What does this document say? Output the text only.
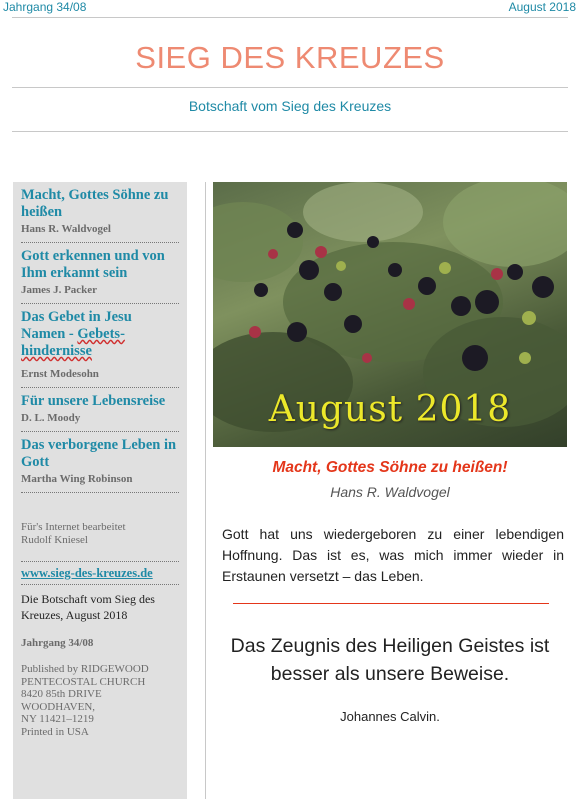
Jahrgang 34/08	August 2018
SIEG DES KREUZES
Botschaft vom Sieg des Kreuzes
Macht, Gottes Söhne zu heißen
Hans R. Waldvogel
Gott erkennen und von Ihm erkannt sein
James J. Packer
Das Gebet in Jesu Namen - Gebets-hindernisse
Ernst Modesohn
Für unsere Lebensreise
D. L. Moody
Das verborgene Leben in Gott
Martha Wing Robinson
Für's Internet bearbeitet
Rudolf Kniesel
www.sieg-des-kreuzes.de
Die Botschaft vom Sieg des Kreuzes, August 2018
Jahrgang 34/08
Published by RIDGEWOOD
PENTECOSTAL CHURCH
8420 85th DRIVE
WOODHAVEN,
NY 11421–1219
Printed in USA
August 2018
Macht, Gottes Söhne zu heißen!
Hans R. Waldvogel
Gott hat uns wiedergeboren zu einer lebendigen Hoffnung. Das ist es, was mich immer wieder in Erstaunen versetzt – das Leben.
Das Zeugnis des Heiligen Geistes ist besser als unsere Beweise.
Johannes Calvin.
